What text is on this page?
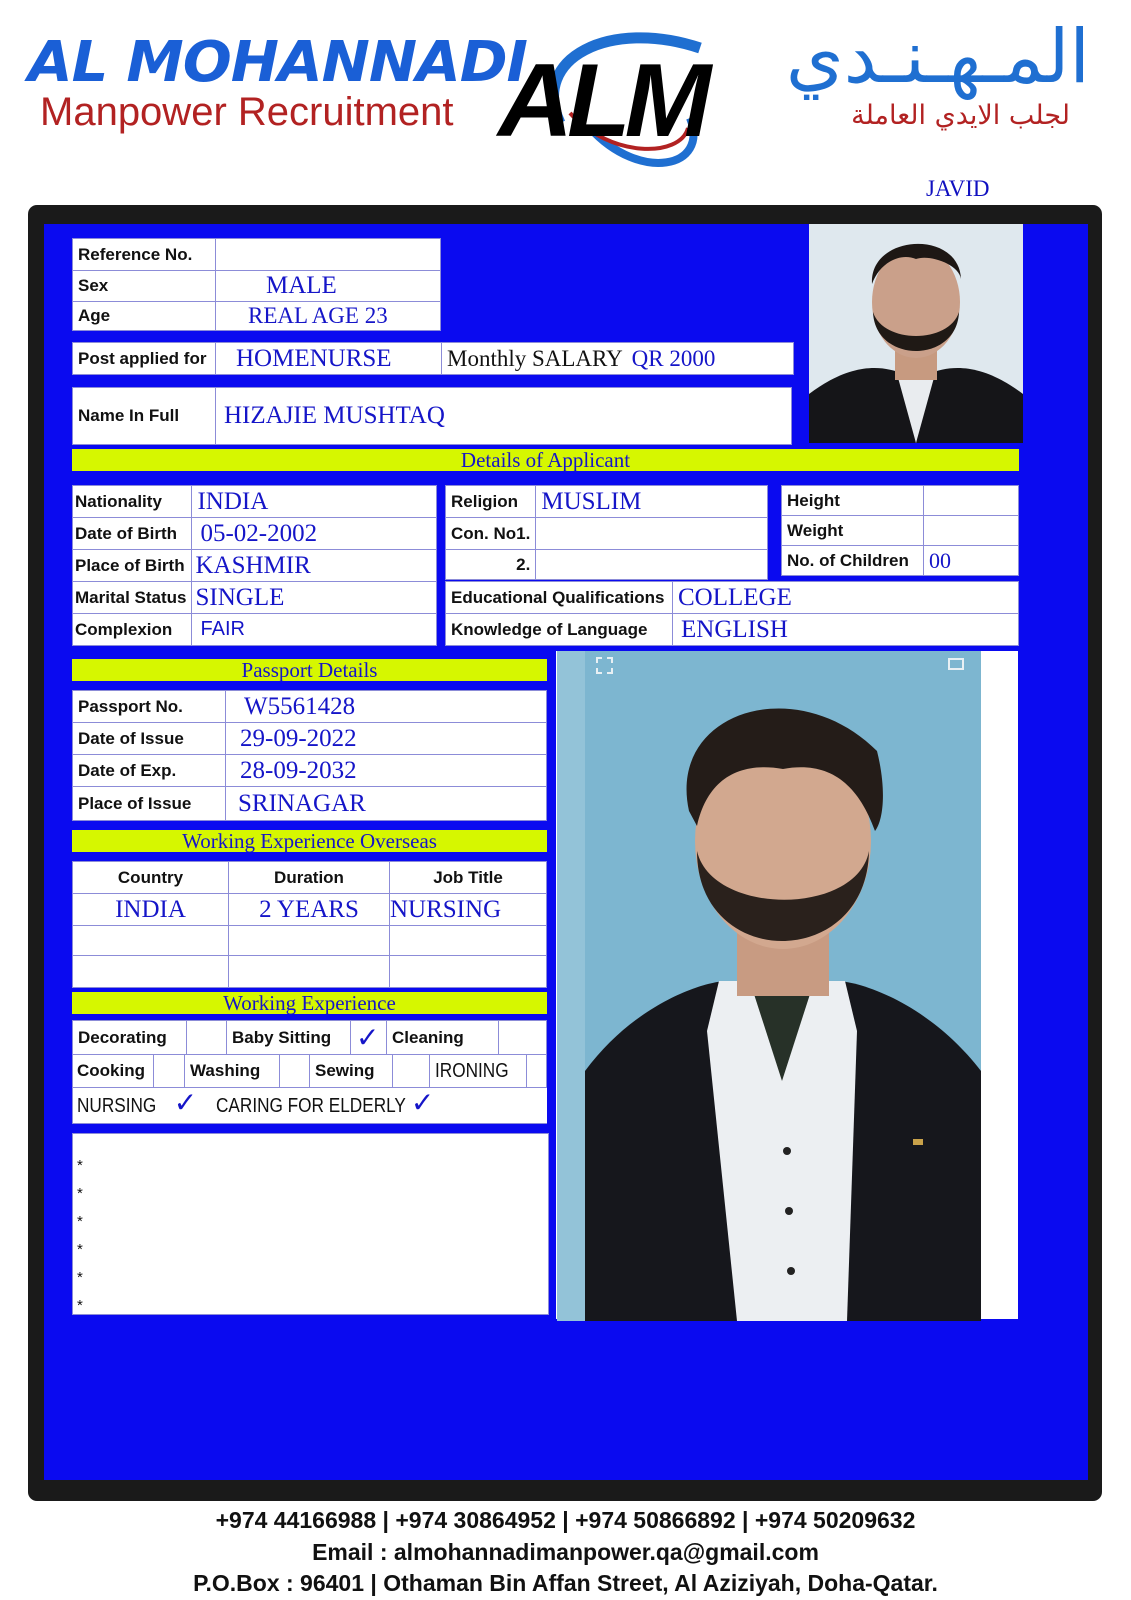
AL MOHANNADI
Manpower Recruitment ALM	المـهـنـدي
لجلب الايدي العاملة
JAVID
Reference No.	
Sex	MALE
Age	REAL AGE 23
Post applied for	HOMENURSE	Monthly SALARY QR 2000
Name In Full	HIZAJIE MUSHTAQ
Details of Applicant
Nationality	INDIA
Date of Birth	05-02-2002
Place of Birth	KASHMIR
Marital Status	SINGLE
Complexion	FAIR
Religion	MUSLIM
Con. No1.	
2.	
Height	
Weight	
No. of Children	00
Educational Qualifications	COLLEGE
Knowledge of Language	ENGLISH
Passport Details
Passport No.	W5561428
Date of Issue	29-09-2022
Date of Exp.	28-09-2032
Place of Issue	SRINAGAR
Working Experience Overseas
Country	Duration	Job Title
INDIA	2 YEARS	NURSING

Working Experience
Decorating		Baby Sitting	✓	Cleaning	
Cooking		Washing		Sewing		IRONING	
NURSING ✓ CARING FOR ELDERLY ✓
*
*
*
*
*
*
+974 44166988 | +974 30864952 | +974 50866892 | +974 50209632
Email : almohannadimanpower.qa@gmail.com
P.O.Box : 96401 | Othaman Bin Affan Street, Al Aziziyah, Doha-Qatar.
